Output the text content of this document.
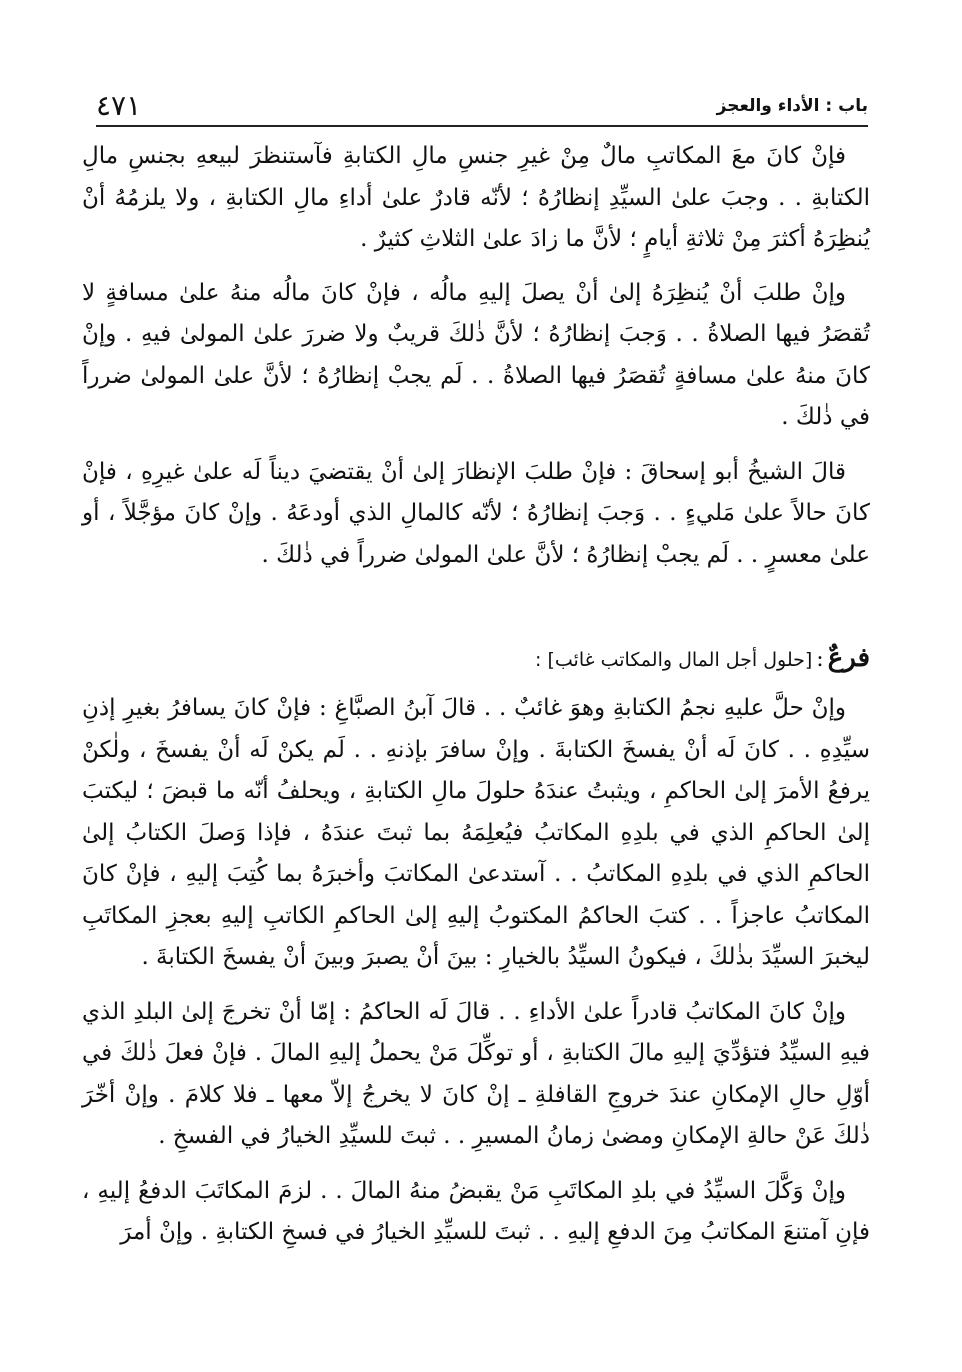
باب : الأداء والعجز
٤٧١

فإنْ كانَ معَ المكاتبِ مالٌ مِنْ غيرِ جنسِ مالِ الكتابةِ فآستنظرَ لبيعهِ بجنسِ مالِ الكتابةِ . . وجبَ علىٰ السيِّدِ إنظارُهُ ؛ لأنّه قادرٌ علىٰ أداءِ مالِ الكتابةِ ، ولا يلزمُهُ أنْ يُنظِرَهُ أكثرَ مِنْ ثلاثةِ أيامٍ ؛ لأنَّ ما زادَ علىٰ الثلاثِ كثيرٌ .

وإنْ طلبَ أنْ يُنظِرَهُ إلىٰ أنْ يصلَ إليهِ مالُه ، فإنْ كانَ مالُه منهُ علىٰ مسافةٍ لا تُقصَرُ فيها الصلاةُ . . وَجبَ إنظارُهُ ؛ لأنَّ ذٰلكَ قريبٌ ولا ضررَ علىٰ المولىٰ فيهِ . وإنْ كانَ منهُ علىٰ مسافةٍ تُقصَرُ فيها الصلاةُ . . لَم يجبْ إنظارُهُ ؛ لأنَّ علىٰ المولىٰ ضرراً في ذٰلكَ .

قالَ الشيخُ أبو إسحاقَ : فإنْ طلبَ الإنظارَ إلىٰ أنْ يقتضيَ ديناً لَه علىٰ غيرِهِ ، فإنْ كانَ حالاً علىٰ مَليءٍ . . وَجبَ إنظارُهُ ؛ لأنّه كالمالِ الذي أودعَهُ . وإنْ كانَ مؤجَّلاً ، أو علىٰ معسرٍ . . لَم يجبْ إنظارُهُ ؛ لأنَّ علىٰ المولىٰ ضرراً في ذٰلكَ .

فرعٌ:[حلول أجل المال والمكاتب غائب] :

وإنْ حلَّ عليهِ نجمُ الكتابةِ وهوَ غائبٌ . . قالَ آبنُ الصبَّاغِ : فإنْ كانَ يسافرُ بغيرِ إذنِ سيِّدِهِ . . كانَ لَه أنْ يفسخَ الكتابةَ . وإنْ سافرَ بإذنهِ . . لَم يكنْ لَه أنْ يفسخَ ، ولٰكنْ يرفعُ الأمرَ إلىٰ الحاكمِ ، ويثبتُ عندَهُ حلولَ مالِ الكتابةِ ، ويحلفُ أنّه ما قبضَ ؛ ليكتبَ إلىٰ الحاكمِ الذي في بلدِهِ المكاتبُ فيُعلِمَهُ بما ثبتَ عندَهُ ، فإذا وَصلَ الكتابُ إلىٰ الحاكمِ الذي في بلدِهِ المكاتبُ . . آستدعىٰ المكاتبَ وأخبرَهُ بما كُتِبَ إليهِ ، فإنْ كانَ المكاتبُ عاجزاً . . كتبَ الحاكمُ المكتوبُ إليهِ إلىٰ الحاكمِ الكاتبِ إليهِ بعجزِ المكاتَبِ ليخبرَ السيِّدَ بذٰلكَ ، فيكونُ السيِّدُ بالخيارِ : بينَ أنْ يصبرَ وبينَ أنْ يفسخَ الكتابةَ .

وإنْ كانَ المكاتبُ قادراً علىٰ الأداءِ . . قالَ لَه الحاكمُ : إمّا أنْ تخرجَ إلىٰ البلدِ الذي فيهِ السيِّدُ فتؤدِّيَ إليهِ مالَ الكتابةِ ، أو توكِّلَ مَنْ يحملُ إليهِ المالَ . فإنْ فعلَ ذٰلكَ في أوّلِ حالِ الإمكانِ عندَ خروجِ القافلةِ ـ إنْ كانَ لا يخرجُ إلاّ معها ـ فلا كلامَ . وإنْ أخّرَ ذٰلكَ عَنْ حالةِ الإمكانِ ومضىٰ زمانُ المسيرِ . . ثبتَ للسيِّدِ الخيارُ في الفسخِ .

وإنْ وَكَّلَ السيِّدُ في بلدِ المكاتَبِ مَنْ يقبضُ منهُ المالَ . . لزمَ المكاتَبَ الدفعُ إليهِ ، فإنِ آمتنعَ المكاتبُ مِنَ الدفعِ إليهِ . . ثبتَ للسيِّدِ الخيارُ في فسخِ الكتابةِ . وإنْ أمرَ
